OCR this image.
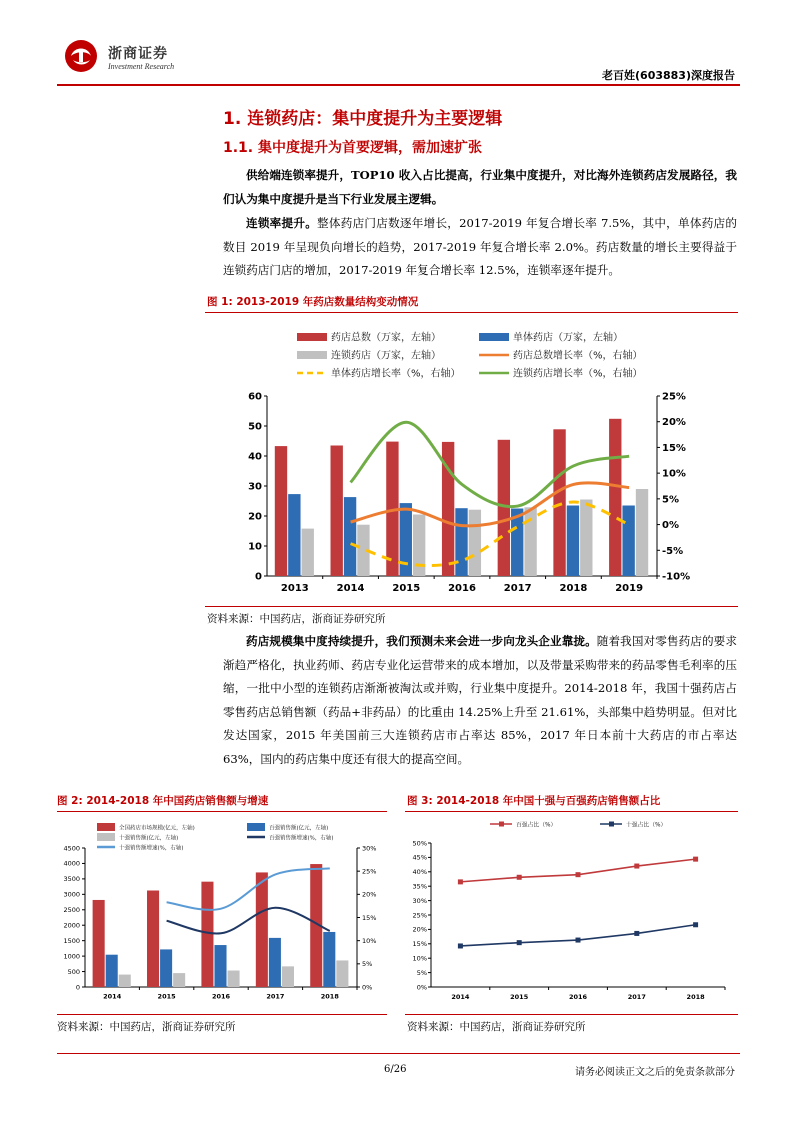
浙商证券
Investment Research
老百姓(603883)深度报告
1. 连锁药店：集中度提升为主要逻辑
1.1. 集中度提升为首要逻辑，需加速扩张
供给端连锁率提升，TOP10 收入占比提高，行业集中度提升，对比海外连锁药店发展路径，我们认为集中度提升是当下行业发展主逻辑。
连锁率提升。整体药店门店数逐年增长，2017-2019 年复合增长率 7.5%，其中，单体药店的数目 2019 年呈现负向增长的趋势，2017-2019 年复合增长率 2.0%。药店数量的增长主要得益于连锁药店门店的增加，2017-2019 年复合增长率 12.5%，连锁率逐年提升。
图 1: 2013-2019 年药店数量结构变动情况
药店总数（万家，左轴）	单体药店（万家，左轴）
连锁药店（万家，左轴）	药店总数增长率（%，右轴）
单体药店增长率（%，右轴）	连锁药店增长率（%，右轴）
0
10
20
30
40
50
60
-10%
-5%
0%
5%
10%
15%
20%
25%
2013	2014	2015	2016	2017	2018	2019
资料来源：中国药店，浙商证券研究所
药店规模集中度持续提升，我们预测未来会进一步向龙头企业靠拢。随着我国对零售药店的要求渐趋严格化，执业药师、药店专业化运营带来的成本增加，以及带量采购带来的药品零售毛利率的压缩，一批中小型的连锁药店渐渐被淘汰或并购，行业集中度提升。2014-2018 年，我国十强药店占零售药店总销售额（药品+非药品）的比重由 14.25%上升至 21.61%，头部集中趋势明显。但对比发达国家，2015 年美国前三大连锁药店市占率达 85%，2017 年日本前十大药店的市占率达 63%，国内的药店集中度还有很大的提高空间。
图 2: 2014-2018 年中国药店销售额与增速
全国药店市场规模(亿元，左轴)	百强销售额(亿元，左轴)
十强销售额(亿元，左轴)	百强销售额增速(%，右轴)
十强销售额增速(%，右轴)
0
500
1000
1500
2000
2500
3000
3500
4000
4500
0%
5%
10%
15%
20%
25%
30%
2014	2015	2016	2017	2018
资料来源：中国药店，浙商证券研究所
图 3: 2014-2018 年中国十强与百强药店销售额占比
百强占比（%）	十强占比（%）
0%
5%
10%
15%
20%
25%
30%
35%
40%
45%
50%
2014	2015	2016	2017	2018
资料来源：中国药店，浙商证券研究所
6/26	请务必阅读正文之后的免责条款部分
